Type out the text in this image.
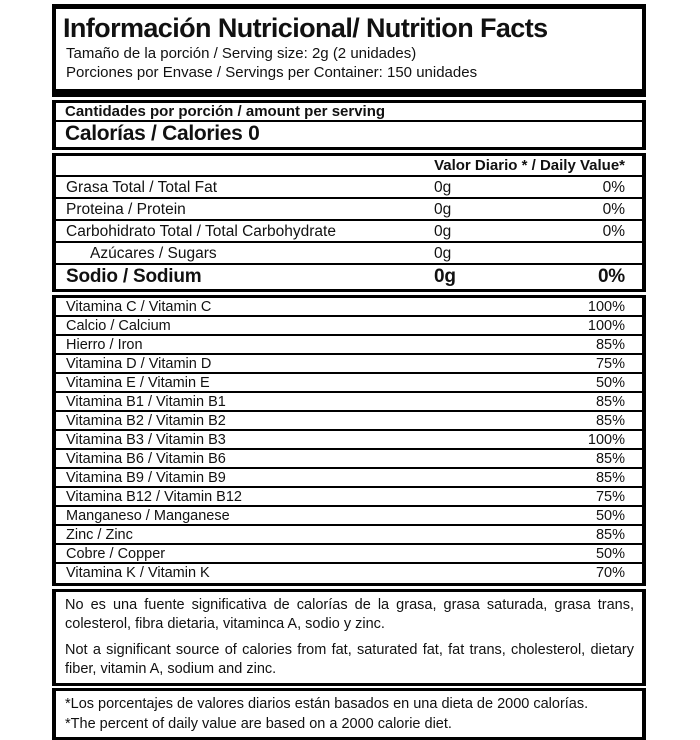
Información Nutricional/ Nutrition Facts
Tamaño de la porción / Serving size: 2g (2 unidades)
Porciones por Envase / Servings per Container: 150 unidades
Cantidades por porción / amount per serving
Calorías / Calories 0
Valor Diario * / Daily Value*
Grasa Total / Total Fat	0g	0%
Proteina / Protein	0g	0%
Carbohidrato Total / Total Carbohydrate	0g	0%
Azúcares / Sugars	0g
Sodio / Sodium	0g	0%
Vitamina C / Vitamin C	100%
Calcio / Calcium	100%
Hierro / Iron	85%
Vitamina D / Vitamin D	75%
Vitamina E / Vitamin E	50%
Vitamina B1 / Vitamin B1	85%
Vitamina B2 / Vitamin B2	85%
Vitamina B3 / Vitamin B3	100%
Vitamina B6 / Vitamin B6	85%
Vitamina B9 / Vitamin B9	85%
Vitamina B12 / Vitamin B12	75%
Manganeso / Manganese	50%
Zinc / Zinc	85%
Cobre / Copper	50%
Vitamina K / Vitamin K	70%
No es una fuente significativa de calorías de la grasa, grasa saturada, grasa trans, colesterol, fibra dietaria, vitaminca A, sodio y zinc.
Not a significant source of calories from fat, saturated fat, fat trans, cholesterol, dietary fiber, vitamin A, sodium and zinc.
*Los porcentajes de valores diarios están basados en una dieta de 2000 calorías.
*The percent of daily value are based on a 2000 calorie diet.
